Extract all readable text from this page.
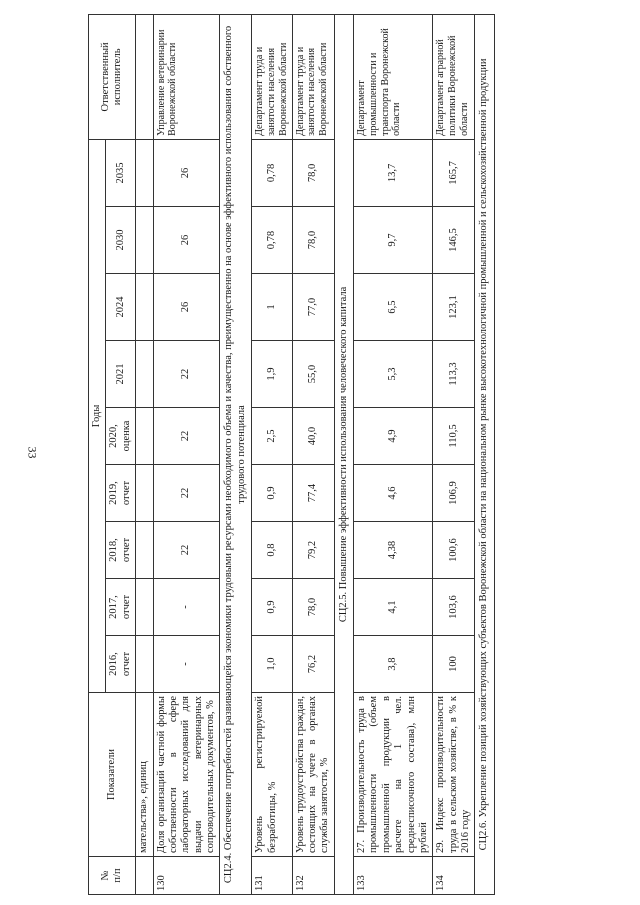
33
№
п/п	Показатели	Годы									Ответственный исполнитель
		2016, отчет	2017, отчет	2018, отчет	2019, отчет	2020, оценка	2021	2024	2030	2035	
	мательства», единиц										
130	Доля организаций частной формы собственности в сфере лабораторных исследований для выдачи ветеринарных сопроводительных документов, %	-	-	22	22	22	22	26	26	26	Управление ветеринарии Воронежской области
СЦ2.4. Обеспечение потребностей развивающейся экономики трудовыми ресурсами необходимого объема и качества, преимущественно на основе эффективного использования собственного трудового потенциала											
131	Уровень регистрируемой безработицы, %	1,0	0,9	0,8	0,9	2,5	1,9	1	0,78	0,78	Департамент труда и занятости населения Воронежской области
132	Уровень трудоустройства граждан, состоящих на учете в органах службы занятости, %	76,2	78,0	79,2	77,4	40,0	55,0	77,0	78,0	78,0	Департамент труда и занятости населения Воронежской области
СЦ2.5. Повышение эффективности использования человеческого капитала											
133	27. Производительность труда в промышленности (объем промышленной продукции в расчете на 1 чел. среднесписочного состава), млн рублей	3,8	4,1	4,38	4,6	4,9	5,3	6,5	9,7	13,7	Департамент промышленности и транспорта Воронежской области
134	29. Индекс производительности труда в сельском хозяйстве, в % к 2016 году	100	103,6	100,6	106,9	110,5	113,3	123,1	146,5	165,7	Департамент аграрной политики Воронежской области
СЦ2.6. Укрепление позиций хозяйствующих субъектов Воронежской области на национальном рынке высокотехнологичной промышленной и сельскохозяйственной продукции											
